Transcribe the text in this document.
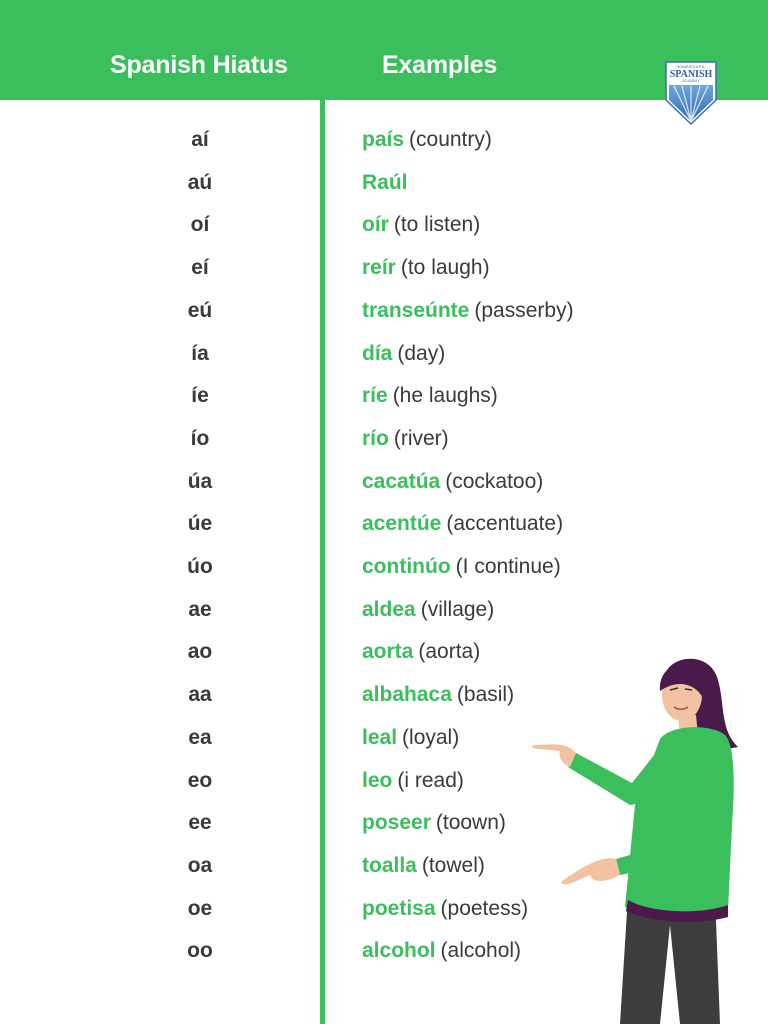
Spanish Hiatus	Examples	HOMESCHOOL
SPANISH
ACADEMY
aí	país (country)
aú	Raúl
oí	oír (to listen)
eí	reír (to laugh)
eú	transeúnte (passerby)
ía	día (day)
íe	ríe (he laughs)
ío	río (river)
úa	cacatúa (cockatoo)
úe	acentúe (accentuate)
úo	continúo (I continue)
ae	aldea (village)
ao	aorta (aorta)
aa	albahaca (basil)
ea	leal (loyal)
eo	leo (i read)
ee	poseer (toown)
oa	toalla (towel)
oe	poetisa (poetess)
oo	alcohol (alcohol)
